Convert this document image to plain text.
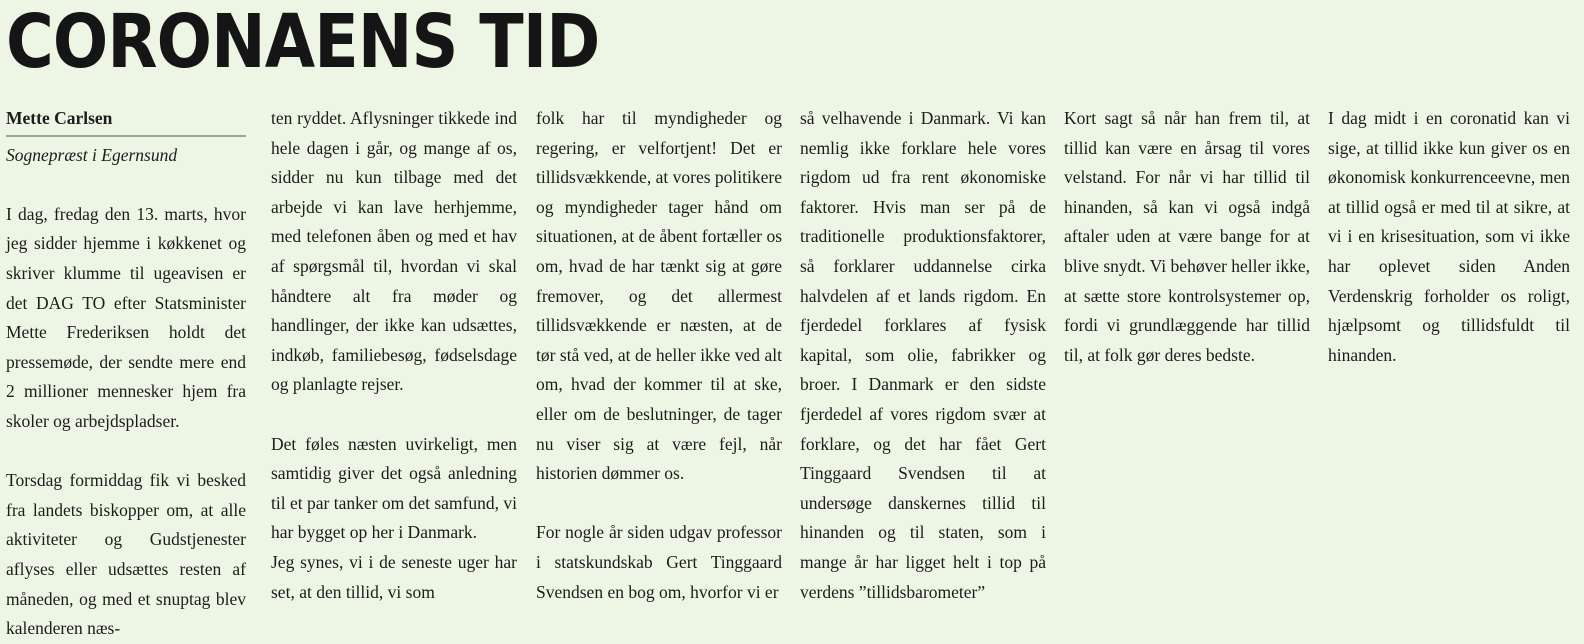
CORONAENS TID

Mette Carlsen

Sognepræst i Egernsund

I dag, fredag den 13. marts, hvor jeg sidder hjemme i køkkenet og skriver klumme til ugeavisen er det DAG TO efter Statsminister Mette Frederiksen holdt det pressemøde, der sendte mere end 2 millioner mennesker hjem fra skoler og arbejdspladser.

Torsdag formiddag fik vi besked fra landets biskopper om, at alle aktiviteter og Gudstjenester aflyses eller udsættes resten af måneden, og med et snuptag blev kalenderen næs-

ten ryddet. Aflysninger tikkede ind hele dagen i går, og mange af os, sidder nu kun tilbage med det arbejde vi kan lave herhjemme, med telefonen åben og med et hav af spørgsmål til, hvordan vi skal håndtere alt fra møder og handlinger, der ikke kan udsættes, indkøb, familiebesøg, fødselsdage og planlagte rejser.

Det føles næsten uvirkeligt, men samtidig giver det også anledning til et par tanker om det samfund, vi har bygget op her i Danmark.

Jeg synes, vi i de seneste uger har set, at den tillid, vi som

folk har til myndigheder og regering, er velfortjent! Det er tillidsvækkende, at vores politikere og myndigheder tager hånd om situationen, at de åbent fortæller os om, hvad de har tænkt sig at gøre fremover, og det allermest tillidsvækkende er næsten, at de tør stå ved, at de heller ikke ved alt om, hvad der kommer til at ske, eller om de beslutninger, de tager nu viser sig at være fejl, når historien dømmer os.

For nogle år siden udgav professor i statskundskab Gert Tinggaard Svendsen en bog om, hvorfor vi er

så velhavende i Danmark. Vi kan nemlig ikke forklare hele vores rigdom ud fra rent økonomiske faktorer. Hvis man ser på de traditionelle produktionsfaktorer, så forklarer uddannelse cirka halvdelen af et lands rigdom. En fjerdedel forklares af fysisk kapital, som olie, fabrikker og broer. I Danmark er den sidste fjerdedel af vores rigdom svær at forklare, og det har fået Gert Tinggaard Svendsen til at undersøge danskernes tillid til hinanden og til staten, som i mange år har ligget helt i top på verdens ”tillidsbarometer”

Kort sagt så når han frem til, at tillid kan være en årsag til vores velstand. For når vi har tillid til hinanden, så kan vi også indgå aftaler uden at være bange for at blive snydt. Vi behøver heller ikke, at sætte store kontrolsystemer op, fordi vi grundlæggende har tillid til, at folk gør deres bedste.

I dag midt i en coronatid kan vi sige, at tillid ikke kun giver os en økonomisk konkurrenceevne, men at tillid også er med til at sikre, at vi i en krisesituation, som vi ikke har oplevet siden Anden Verdenskrig forholder os roligt, hjælpsomt og tillidsfuldt til hinanden.
